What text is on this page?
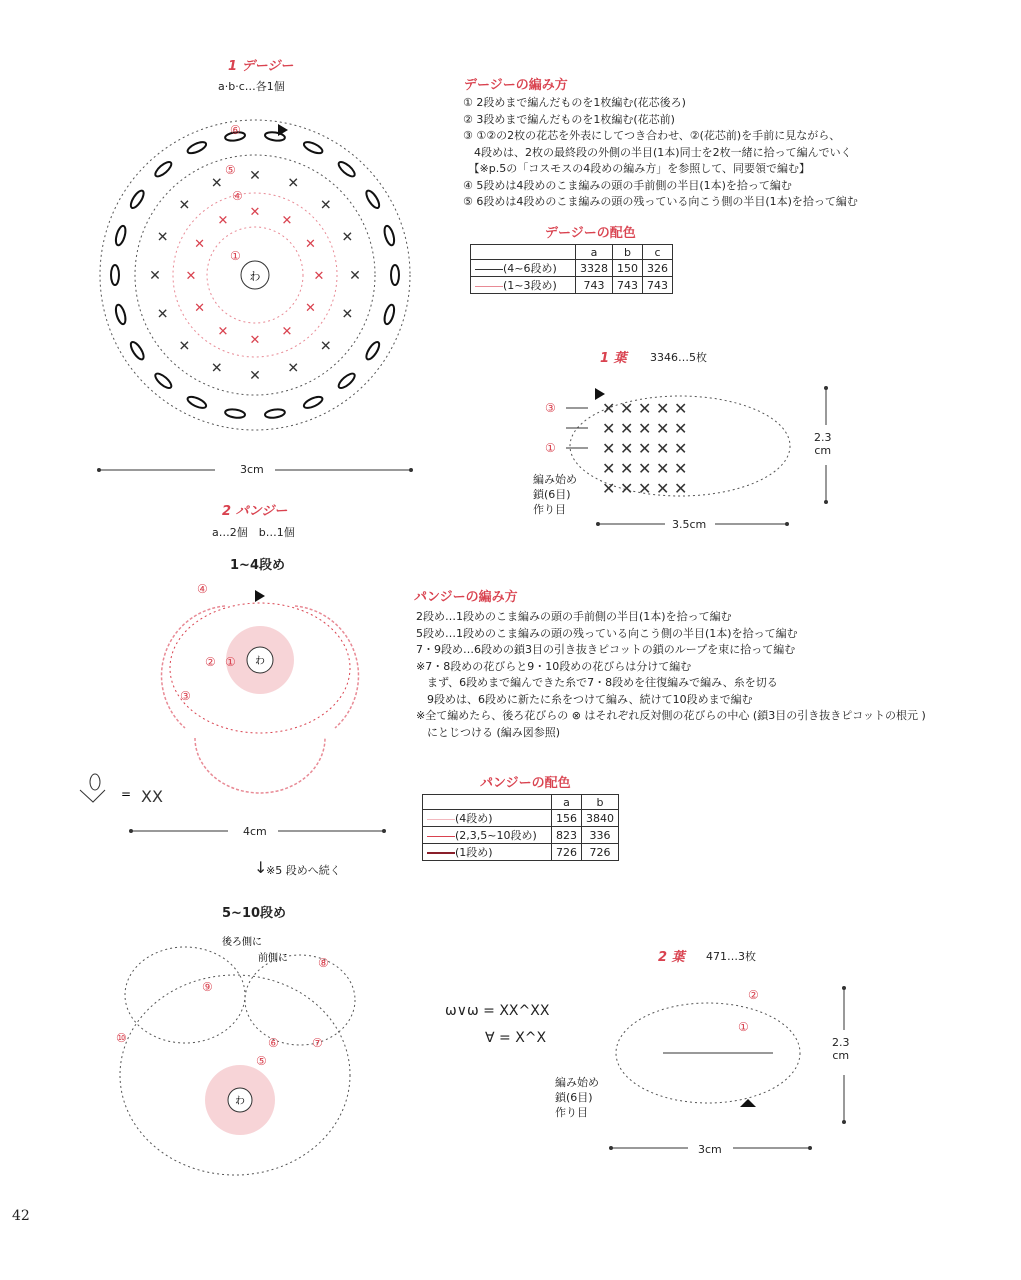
1 デージー
a·b·c…各1個
✕
✕
✕
✕
✕
✕
✕
✕
✕
✕
✕
✕ ✕ ✕
✕
✕
✕
✕
✕
✕
✕
✕
✕
✕
✕
✕
✕
✕
わ
⑥
⑤
④
①
3cm
デージーの編み方
① 2段めまで編んだものを1枚編む(花芯後ろ)
② 3段めまで編んだものを1枚編む(花芯前)
③ ①②の2枚の花芯を外表にしてつき合わせ、②(花芯前)を手前に見ながら、
　4段めは、2枚の最終段の外側の半目(1本)同士を2枚一緒に拾って編んでいく
　【※p.5の「コスモスの4段めの編み方」を参照して、同要領で編む】
④ 5段めは4段めのこま編みの頭の手前側の半目(1本)を拾って編む
⑤ 6段めは4段めのこま編みの頭の残っている向こう側の半目(1本)を拾って編む
デージーの配色
	a	b	c
(4~6段め)	3328	150	326
(1~3段め)	743	743	743
1 葉 3346…5枚
✕ ✕ ✕ ✕ ✕
✕ ✕ ✕ ✕ ✕
✕ ✕ ✕ ✕ ✕
✕ ✕ ✕ ✕ ✕
✕ ✕ ✕ ✕ ✕
③
①
編み始め
鎖(6目)
作り目
3.5cm
2.3
cm
2 パンジー
a…2個　b…1個
1~4段め
わ
④
② ①
③
= XX
4cm
↓
※5 段めへ続く
5~10段め
わ
後ろ側に
前側に	⑧
⑨
⑩
⑤
⑥	⑦
パンジーの編み方
2段め…1段めのこま編みの頭の手前側の半目(1本)を拾って編む
5段め…1段めのこま編みの頭の残っている向こう側の半目(1本)を拾って編む
7・9段め…6段めの鎖3目の引き抜きピコットの鎖のループを束に拾って編む
※7・8段めの花びらと9・10段めの花びらは分けて編む
　まず、6段めまで編んできた糸で7・8段めを往復編みで編み、糸を切る
　9段めは、6段めに新たに糸をつけて編み、続けて10段めまで編む
※全て編めたら、後ろ花びらの ⊗ はそれぞれ反対側の花びらの中心 (鎖3目の引き抜きピコットの根元 )
　にとじつける (編み図参照)
パンジーの配色
	a	b
(4段め)	156	3840
(2,3,5~10段め)	823	336
(1段め)	726	726
2 葉 471…3枚
ѡ∨ѡ = XX^XX
∀ = X^X
②
①
編み始め
鎖(6目)
作り目
3cm
2.3
cm
42
